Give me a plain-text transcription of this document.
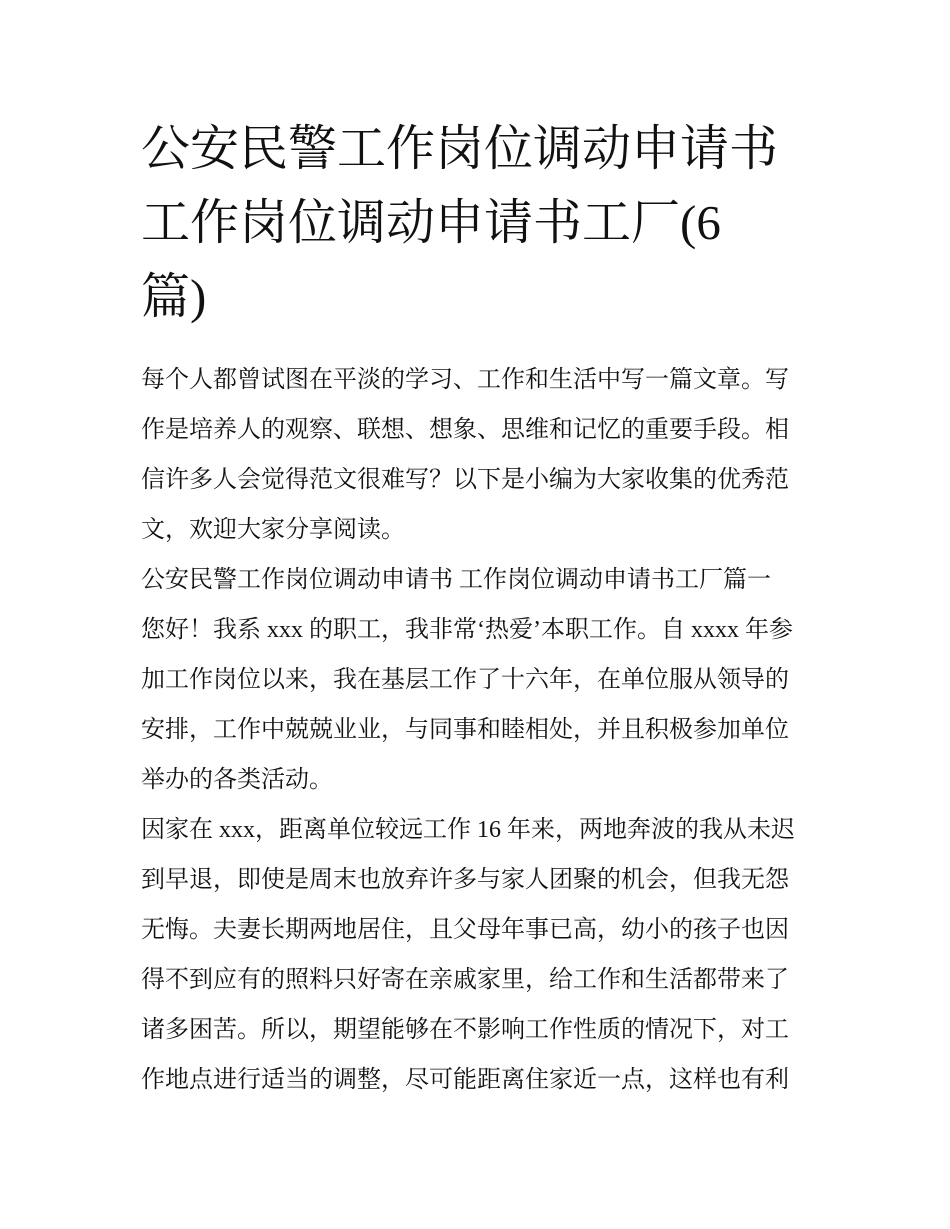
公安民警工作岗位调动申请书
工作岗位调动申请书工厂(6
篇)
每个人都曾试图在平淡的学习、工作和生活中写一篇文章。写
作是培养人的观察、联想、想象、思维和记忆的重要手段。相
信许多人会觉得范文很难写？以下是小编为大家收集的优秀范
文，欢迎大家分享阅读。
公安民警工作岗位调动申请书 工作岗位调动申请书工厂篇一
您好！我系 xxx 的职工，我非常‘热爱’本职工作。自 xxxx 年参
加工作岗位以来，我在基层工作了十六年，在单位服从领导的
安排，工作中兢兢业业，与同事和睦相处，并且积极参加单位
举办的各类活动。
因家在 xxx，距离单位较远工作 16 年来，两地奔波的我从未迟
到早退，即使是周末也放弃许多与家人团聚的机会，但我无怨
无悔。夫妻长期两地居住，且父母年事已高，幼小的孩子也因
得不到应有的照料只好寄在亲戚家里，给工作和生活都带来了
诸多困苦。所以，期望能够在不影响工作性质的情况下，对工
作地点进行适当的调整，尽可能距离住家近一点，这样也有利
